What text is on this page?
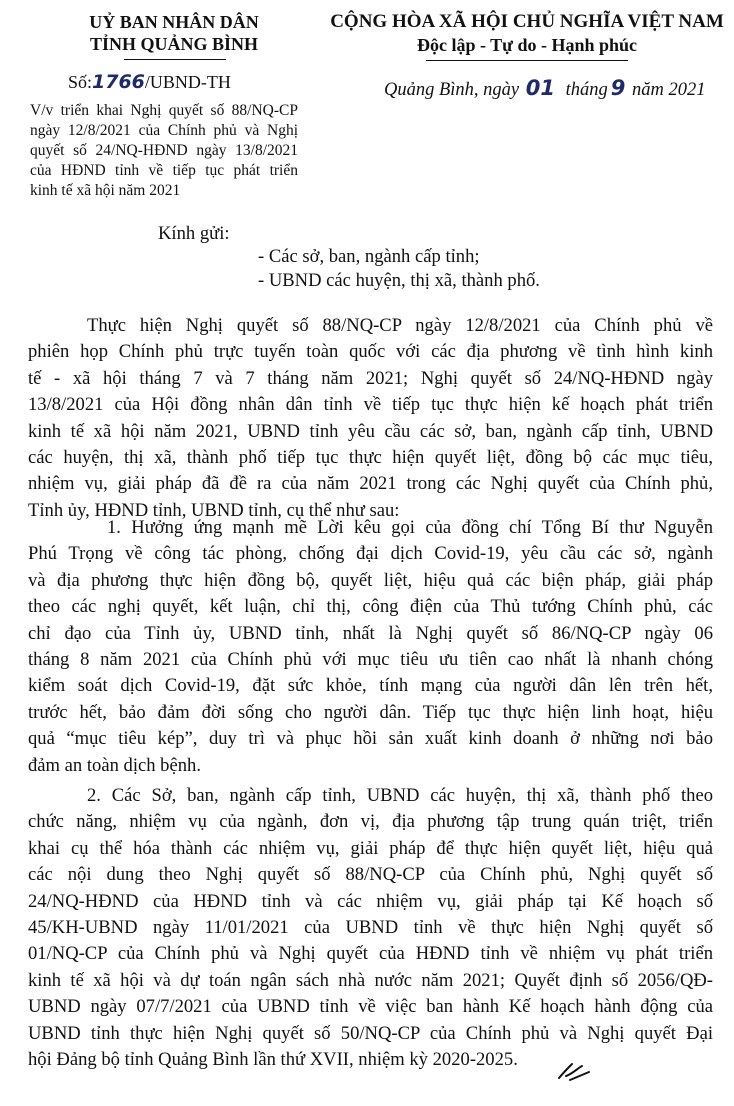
UỶ BAN NHÂN DÂN
TỈNH QUẢNG BÌNH
CỘNG HÒA XÃ HỘI CHỦ NGHĨA VIỆT NAM
Độc lập - Tự do - Hạnh phúc
Số:1766/UBND-TH	Quảng Bình, ngày 01 tháng 9 năm 2021
V/v triển khai Nghị quyết số 88/NQ-CP
ngày 12/8/2021 của Chính phủ và Nghị
quyết số 24/NQ-HĐND ngày 13/8/2021
của HĐND tỉnh về tiếp tục phát triển
kinh tế xã hội năm 2021
Kính gửi:
- Các sở, ban, ngành cấp tỉnh;
- UBND các huyện, thị xã, thành phố.
Thực hiện Nghị quyết số 88/NQ-CP ngày 12/8/2021 của Chính phủ về
phiên họp Chính phủ trực tuyến toàn quốc với các địa phương về tình hình kinh
tế - xã hội tháng 7 và 7 tháng năm 2021; Nghị quyết số 24/NQ-HĐND ngày
13/8/2021 của Hội đồng nhân dân tỉnh về tiếp tục thực hiện kế hoạch phát triển
kinh tế xã hội năm 2021, UBND tỉnh yêu cầu các sở, ban, ngành cấp tỉnh, UBND
các huyện, thị xã, thành phố tiếp tục thực hiện quyết liệt, đồng bộ các mục tiêu,
nhiệm vụ, giải pháp đã đề ra của năm 2021 trong các Nghị quyết của Chính phủ,
Tỉnh ủy, HĐND tỉnh, UBND tỉnh, cụ thể như sau:
1. Hưởng ứng mạnh mẽ Lời kêu gọi của đồng chí Tổng Bí thư Nguyễn
Phú Trọng về công tác phòng, chống đại dịch Covid-19, yêu cầu các sở, ngành
và địa phương thực hiện đồng bộ, quyết liệt, hiệu quả các biện pháp, giải pháp
theo các nghị quyết, kết luận, chỉ thị, công điện của Thủ tướng Chính phủ, các
chỉ đạo của Tỉnh ủy, UBND tỉnh, nhất là Nghị quyết số 86/NQ-CP ngày 06
tháng 8 năm 2021 của Chính phủ với mục tiêu ưu tiên cao nhất là nhanh chóng
kiểm soát dịch Covid-19, đặt sức khỏe, tính mạng của người dân lên trên hết,
trước hết, bảo đảm đời sống cho người dân. Tiếp tục thực hiện linh hoạt, hiệu
quả “mục tiêu kép”, duy trì và phục hồi sản xuất kinh doanh ở những nơi bảo
đảm an toàn dịch bệnh.
2. Các Sở, ban, ngành cấp tỉnh, UBND các huyện, thị xã, thành phố theo
chức năng, nhiệm vụ của ngành, đơn vị, địa phương tập trung quán triệt, triển
khai cụ thể hóa thành các nhiệm vụ, giải pháp để thực hiện quyết liệt, hiệu quả
các nội dung theo Nghị quyết số 88/NQ-CP của Chính phủ, Nghị quyết số
24/NQ-HĐND của HĐND tỉnh và các nhiệm vụ, giải pháp tại Kế hoạch số
45/KH-UBND ngày 11/01/2021 của UBND tỉnh về thực hiện Nghị quyết số
01/NQ-CP của Chính phủ và Nghị quyết của HĐND tỉnh về nhiệm vụ phát triển
kinh tế xã hội và dự toán ngân sách nhà nước năm 2021; Quyết định số 2056/QĐ-
UBND ngày 07/7/2021 của UBND tỉnh về việc ban hành Kế hoạch hành động của
UBND tỉnh thực hiện Nghị quyết số 50/NQ-CP của Chính phủ và Nghị quyết Đại
hội Đảng bộ tỉnh Quảng Bình lần thứ XVII, nhiệm kỳ 2020-2025.
